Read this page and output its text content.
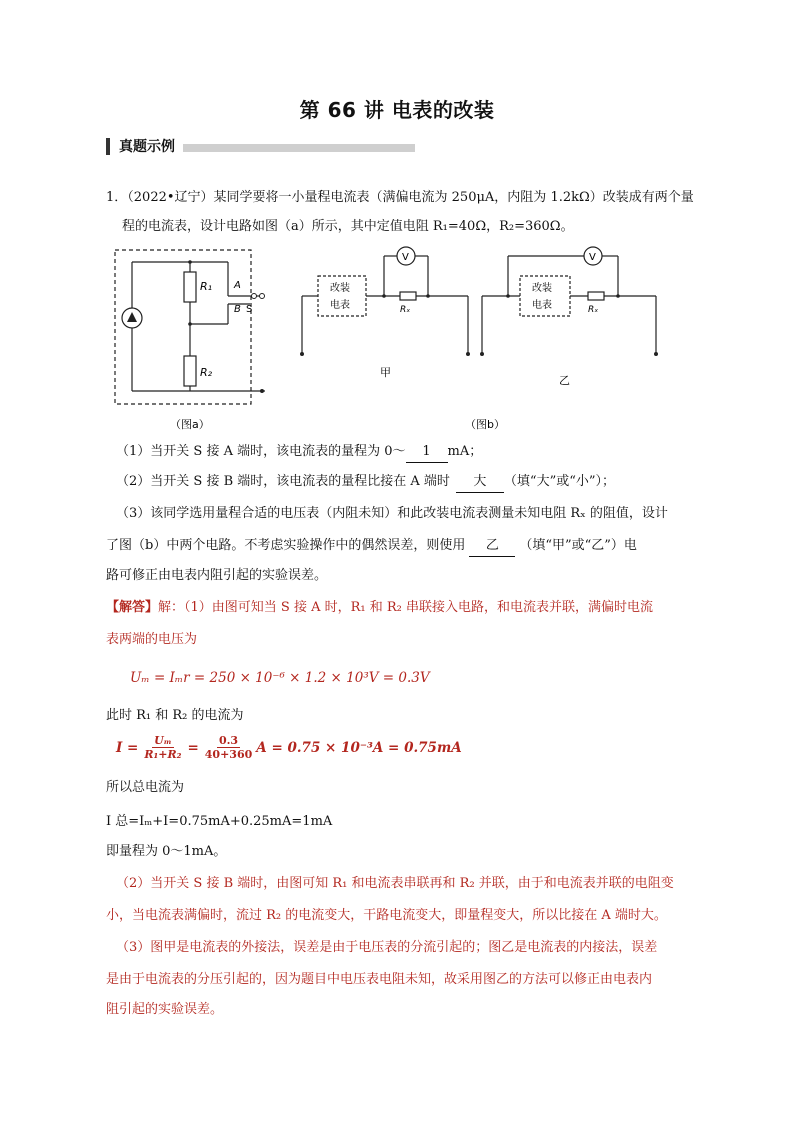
第 66 讲 电表的改装
真题示例
1．（2022•辽宁）某同学要将一小量程电流表（满偏电流为 250μA，内阻为 1.2kΩ）改装成有两个量
程的电流表，设计电路如图（a）所示，其中定值电阻 R₁=40Ω，R₂=360Ω。
R₁
R₂
A
B S
（图a）
改装
电表
V
Rₓ
甲
改装
电表
V
Rₓ
乙
（图b）
（1）当开关 S 接 A 端时，该电流表的量程为 0～ 1 mA；
（2）当开关 S 接 B 端时，该电流表的量程比接在 A 端时 大 （填“大”或“小”）；
（3）该同学选用量程合适的电压表（内阻未知）和此改装电流表测量未知电阻 Rₓ 的阻值，设计
了图（b）中两个电路。不考虑实验操作中的偶然误差，则使用 乙 （填“甲”或“乙”）电
路可修正由电表内阻引起的实验误差。
【解答】解：（1）由图可知当 S 接 A 时，R₁ 和 R₂ 串联接入电路，和电流表并联，满偏时电流
表两端的电压为
Uₘ = Iₘr = 250 × 10⁻⁶ × 1.2 × 10³V = 0.3V
此时 R₁ 和 R₂ 的电流为
$I = \frac{\text{Uₘ}}{\text{R₁+R₂}} = \frac{0.3}{40+360}$ A = 0.75 × 10⁻³A = 0.75mA
所以总电流为
I 总=Iₘ+I=0.75mA+0.25mA=1mA
即量程为 0～1mA。
（2）当开关 S 接 B 端时，由图可知 R₁ 和电流表串联再和 R₂ 并联，由于和电流表并联的电阻变
小，当电流表满偏时，流过 R₂ 的电流变大，干路电流变大，即量程变大，所以比接在 A 端时大。
（3）图甲是电流表的外接法，误差是由于电压表的分流引起的；图乙是电流表的内接法，误差
是由于电流表的分压引起的，因为题目中电压表电阻未知，故采用图乙的方法可以修正由电表内
阻引起的实验误差。
